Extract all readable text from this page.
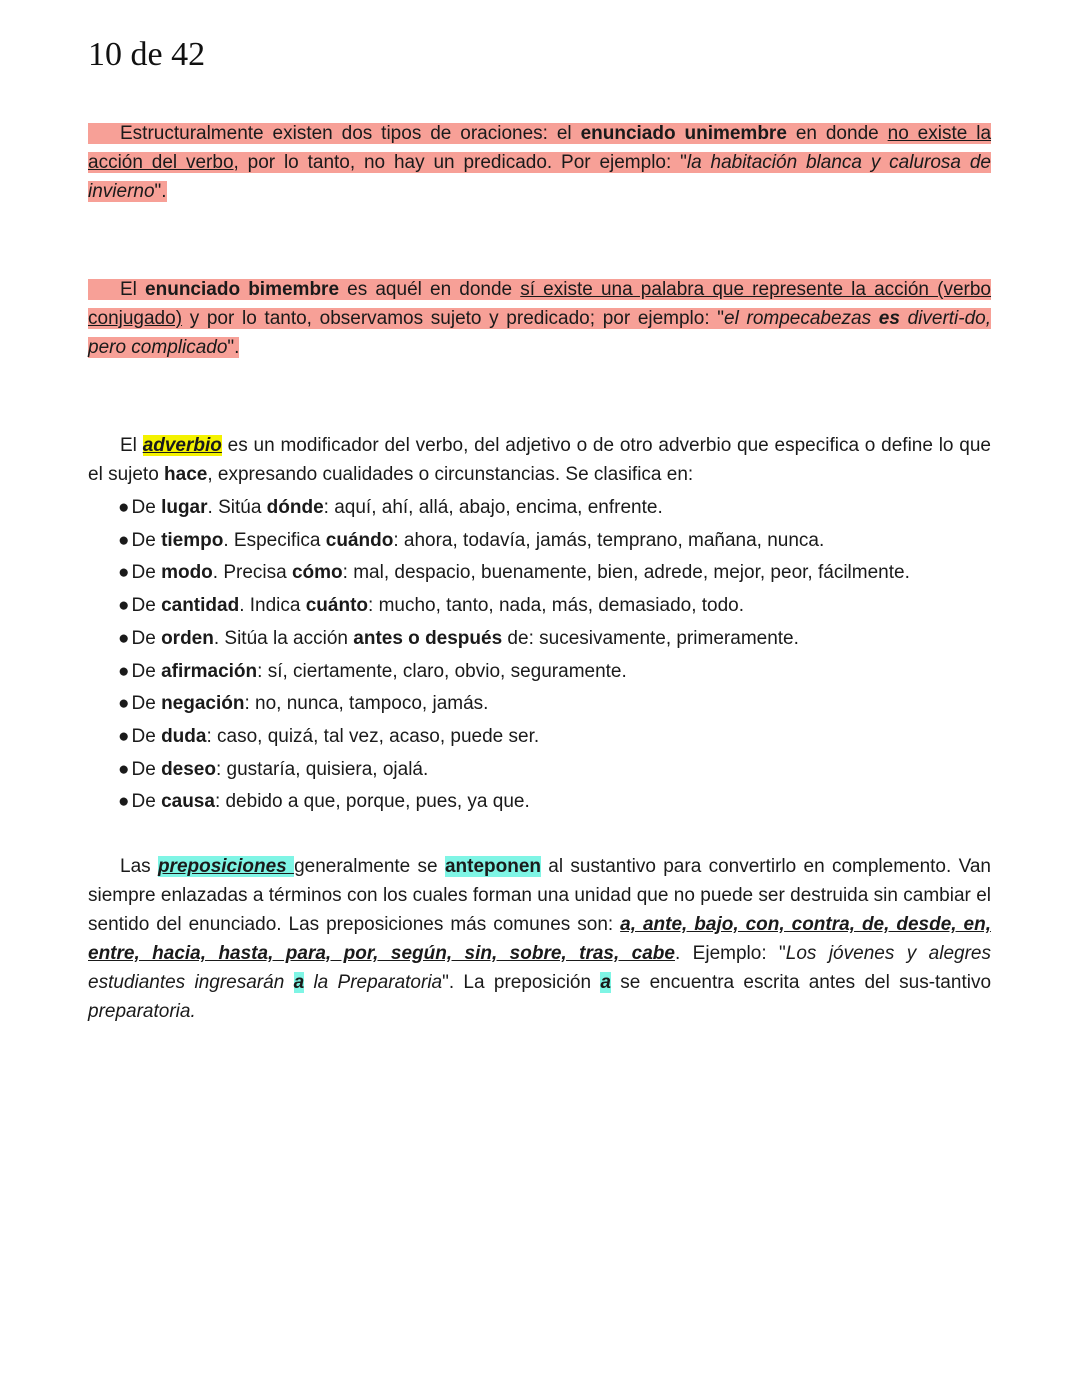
10 de 42

Estructuralmente existen dos tipos de oraciones: el enunciado unimembre en donde no existe la acción del verbo, por lo tanto, no hay un predicado. Por ejemplo: "la habitación blanca y calurosa de invierno".

El enunciado bimembre es aquél en donde sí existe una palabra que represente la acción (verbo conjugado) y por lo tanto, observamos sujeto y predicado; por ejemplo: "el rompecabezas es diverti-do, pero complicado".

El adverbio es un modificador del verbo, del adjetivo o de otro adverbio que especifica o define lo que el sujeto hace, expresando cualidades o circunstancias. Se clasifica en:

● De lugar. Sitúa dónde: aquí, ahí, allá, abajo, encima, enfrente.
● De tiempo. Especifica cuándo: ahora, todavía, jamás, temprano, mañana, nunca.
● De modo. Precisa cómo: mal, despacio, buenamente, bien, adrede, mejor, peor, fácilmente.
● De cantidad. Indica cuánto: mucho, tanto, nada, más, demasiado, todo.
● De orden. Sitúa la acción antes o después de: sucesivamente, primeramente.
● De afirmación: sí, ciertamente, claro, obvio, seguramente.
● De negación: no, nunca, tampoco, jamás.
● De duda: caso, quizá, tal vez, acaso, puede ser.
● De deseo: gustaría, quisiera, ojalá.
● De causa: debido a que, porque, pues, ya que.

Las preposiciones generalmente se anteponen al sustantivo para convertirlo en complemento. Van siempre enlazadas a términos con los cuales forman una unidad que no puede ser destruida sin cambiar el sentido del enunciado. Las preposiciones más comunes son: a, ante, bajo, con, contra, de, desde, en, entre, hacia, hasta, para, por, según, sin, sobre, tras, cabe. Ejemplo: "Los jóvenes y alegres estudiantes ingresarán a la Preparatoria". La preposición a se encuentra escrita antes del sus-tantivo preparatoria.
